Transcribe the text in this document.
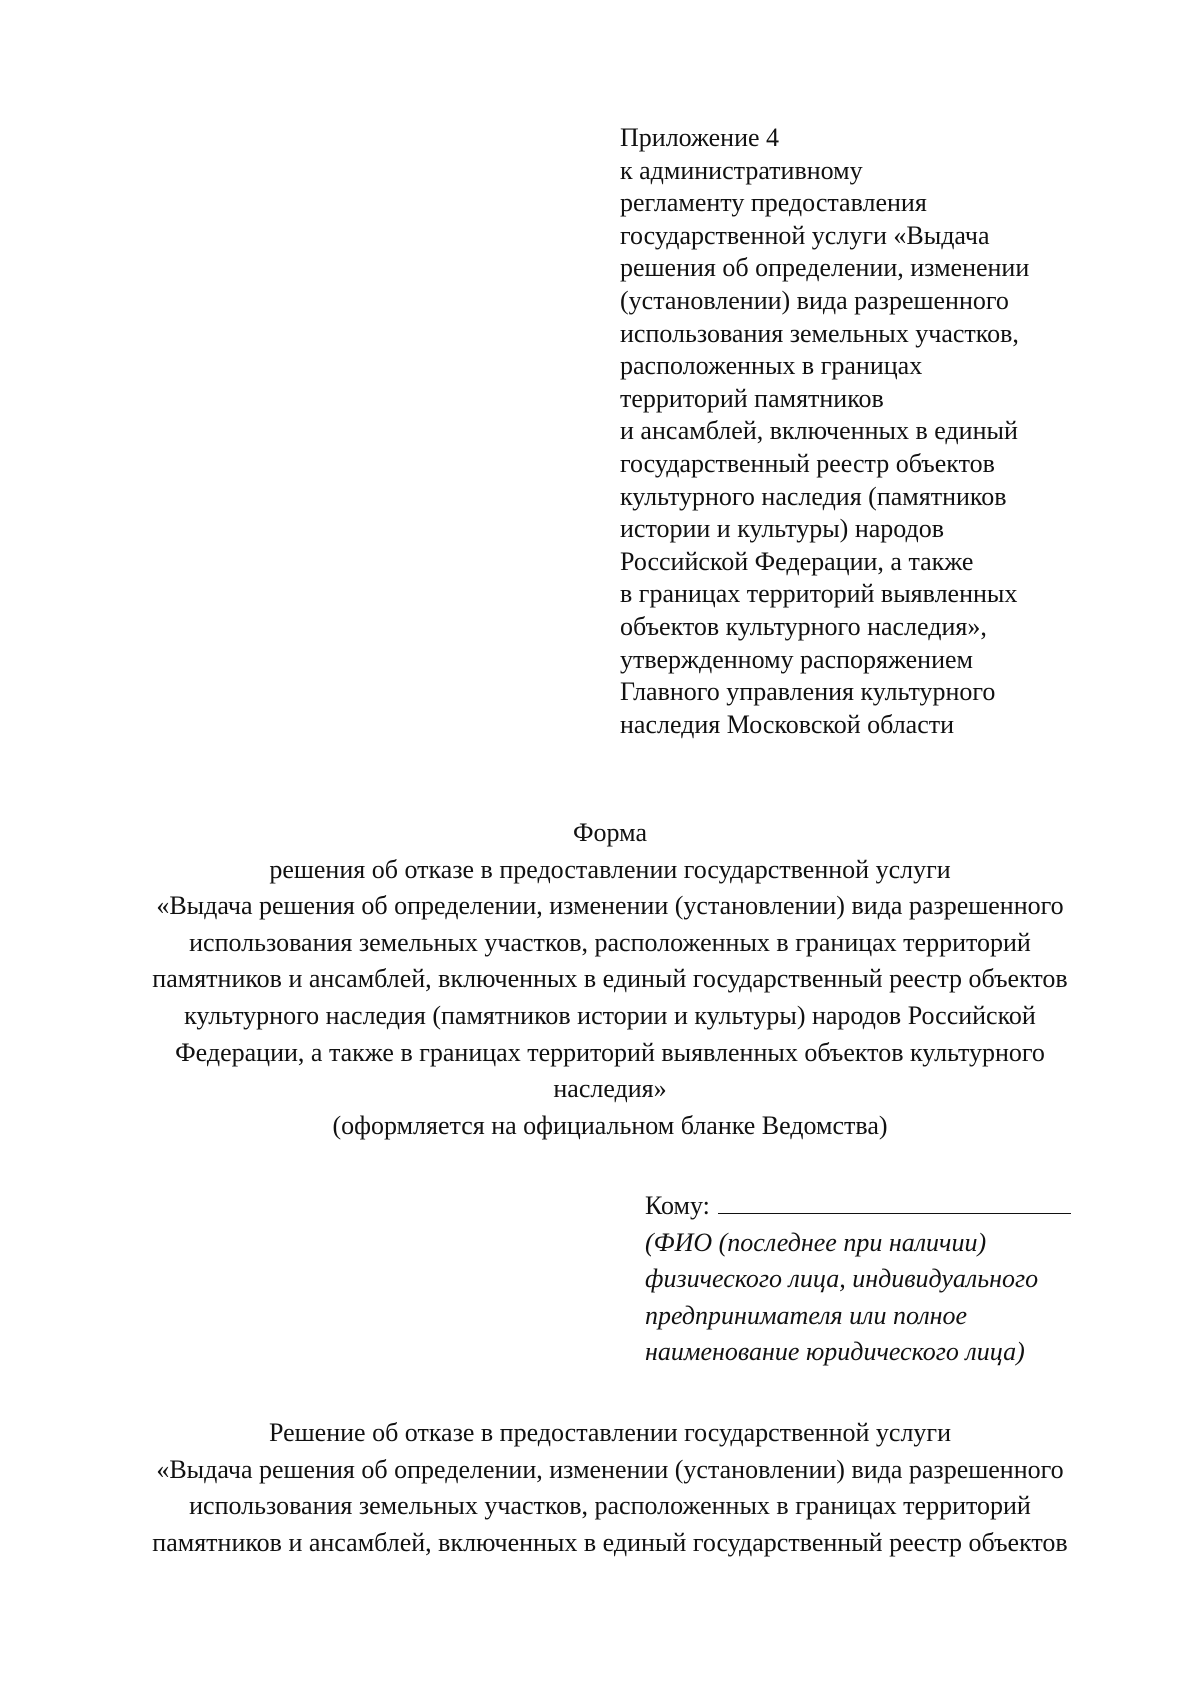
Приложение 4
к административному
регламенту предоставления
государственной услуги «Выдача
решения об определении, изменении
(установлении) вида разрешенного
использования земельных участков,
расположенных в границах
территорий памятников
и ансамблей, включенных в единый
государственный реестр объектов
культурного наследия (памятников
истории и культуры) народов
Российской Федерации, а также
в границах территорий выявленных
объектов культурного наследия»,
утвержденному распоряжением
Главного управления культурного
наследия Московской области
Форма
решения об отказе в предоставлении государственной услуги
«Выдача решения об определении, изменении (установлении) вида разрешенного
использования земельных участков, расположенных в границах территорий
памятников и ансамблей, включенных в единый государственный реестр объектов
культурного наследия (памятников истории и культуры) народов Российской
Федерации, а также в границах территорий выявленных объектов культурного
наследия»
(оформляется на официальном бланке Ведомства)
Кому:
(ФИО (последнее при наличии)
физического лица, индивидуального
предпринимателя или полное
наименование юридического лица)
Решение об отказе в предоставлении государственной услуги
«Выдача решения об определении, изменении (установлении) вида разрешенного
использования земельных участков, расположенных в границах территорий
памятников и ансамблей, включенных в единый государственный реестр объектов
